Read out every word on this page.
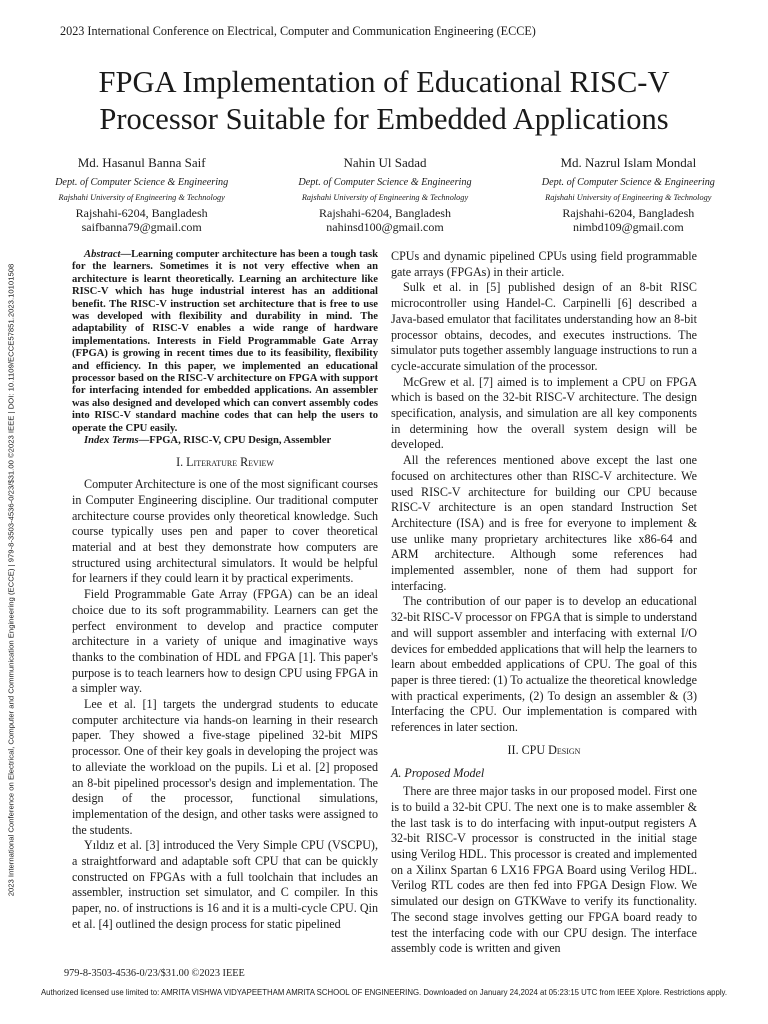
2023 International Conference on Electrical, Computer and Communication Engineering (ECCE)
FPGA Implementation of Educational RISC-V
Processor Suitable for Embedded Applications
Md. Hasanul Banna Saif
Dept. of Computer Science & Engineering
Rajshahi University of Engineering & Technology
Rajshahi-6204, Bangladesh
saifbanna79@gmail.com
Nahin Ul Sadad
Dept. of Computer Science & Engineering
Rajshahi University of Engineering & Technology
Rajshahi-6204, Bangladesh
nahinsd100@gmail.com
Md. Nazrul Islam Mondal
Dept. of Computer Science & Engineering
Rajshahi University of Engineering & Technology
Rajshahi-6204, Bangladesh
nimbd109@gmail.com
2023 International Conference on Electrical, Computer and Communication Engineering (ECCE) | 979-8-3503-4536-0/23/$31.00 ©2023 IEEE | DOI: 10.1109/ECCE57851.2023.10101508

Abstract—Learning computer architecture has been a tough task for the learners. Sometimes it is not very effective when an architecture is learnt theoretically. Learning an architecture like RISC-V which has huge industrial interest has an additional benefit. The RISC-V instruction set architecture that is free to use was developed with flexibility and durability in mind. The adaptability of RISC-V enables a wide range of hardware implementations. Interests in Field Programmable Gate Array (FPGA) is growing in recent times due to its feasibility, flexibility and efficiency. In this paper, we implemented an educational processor based on the RISC-V architecture on FPGA with support for interfacing intended for embedded applications. An assembler was also designed and developed which can convert assembly codes into RISC-V standard machine codes that can help the users to operate the CPU easily.

Index Terms—FPGA, RISC-V, CPU Design, Assembler

I. Literature Review

Computer Architecture is one of the most significant courses in Computer Engineering discipline. Our traditional computer architecture course provides only theoretical knowledge. Such course typically uses pen and paper to cover theoretical material and at best they demonstrate how computers are structured using architectural simulators. It would be helpful for learners if they could learn it by practical experiments.

Field Programmable Gate Array (FPGA) can be an ideal choice due to its soft programmability. Learners can get the perfect environment to develop and practice computer architecture in a variety of unique and imaginative ways thanks to the combination of HDL and FPGA [1]. This paper's purpose is to teach learners how to design CPU using FPGA in a simpler way.

Lee et al. [1] targets the undergrad students to educate computer architecture via hands-on learning in their research paper. They showed a five-stage pipelined 32-bit MIPS processor. One of their key goals in developing the project was to alleviate the workload on the pupils. Li et al. [2] proposed an 8-bit pipelined processor's design and implementation. The design of the processor, functional simulations, implementation of the design, and other tasks were assigned to the students.

Yıldız et al. [3] introduced the Very Simple CPU (VSCPU), a straightforward and adaptable soft CPU that can be quickly constructed on FPGAs with a full toolchain that includes an assembler, instruction set simulator, and C compiler. In this paper, no. of instructions is 16 and it is a multi-cycle CPU. Qin et al. [4] outlined the design process for static pipelined

CPUs and dynamic pipelined CPUs using field programmable gate arrays (FPGAs) in their article.

Sulk et al. in [5] published design of an 8-bit RISC microcontroller using Handel-C. Carpinelli [6] described a Java-based emulator that facilitates understanding how an 8-bit processor obtains, decodes, and executes instructions. The simulator puts together assembly language instructions to run a cycle-accurate simulation of the processor.

McGrew et al. [7] aimed is to implement a CPU on FPGA which is based on the 32-bit RISC-V architecture. The design specification, analysis, and simulation are all key components in determining how the overall system design will be developed.

All the references mentioned above except the last one focused on architectures other than RISC-V architecture. We used RISC-V architecture for building our CPU because RISC-V architecture is an open standard Instruction Set Architecture (ISA) and is free for everyone to implement & use unlike many proprietary architectures like x86-64 and ARM architecture. Although some references had implemented assembler, none of them had support for interfacing.

The contribution of our paper is to develop an educational 32-bit RISC-V processor on FPGA that is simple to understand and will support assembler and interfacing with external I/O devices for embedded applications that will help the learners to learn about embedded applications of CPU. The goal of this paper is three tiered: (1) To actualize the theoretical knowledge with practical experiments, (2) To design an assembler & (3) Interfacing the CPU. Our implementation is compared with references in later section.

II. CPU Design
A. Proposed Model

There are three major tasks in our proposed model. First one is to build a 32-bit CPU. The next one is to make assembler & the last task is to do interfacing with input-output registers A 32-bit RISC-V processor is constructed in the initial stage using Verilog HDL. This processor is created and implemented on a Xilinx Spartan 6 LX16 FPGA Board using Verilog HDL. Verilog RTL codes are then fed into FPGA Design Flow. We simulated our design on GTKWave to verify its functionality. The second stage involves getting our FPGA board ready to test the interfacing code with our CPU design. The interface assembly code is written and given

979-8-3503-4536-0/23/$31.00 ©2023 IEEE
Authorized licensed use limited to: AMRITA VISHWA VIDYAPEETHAM AMRITA SCHOOL OF ENGINEERING. Downloaded on January 24,2024 at 05:23:15 UTC from IEEE Xplore. Restrictions apply.
